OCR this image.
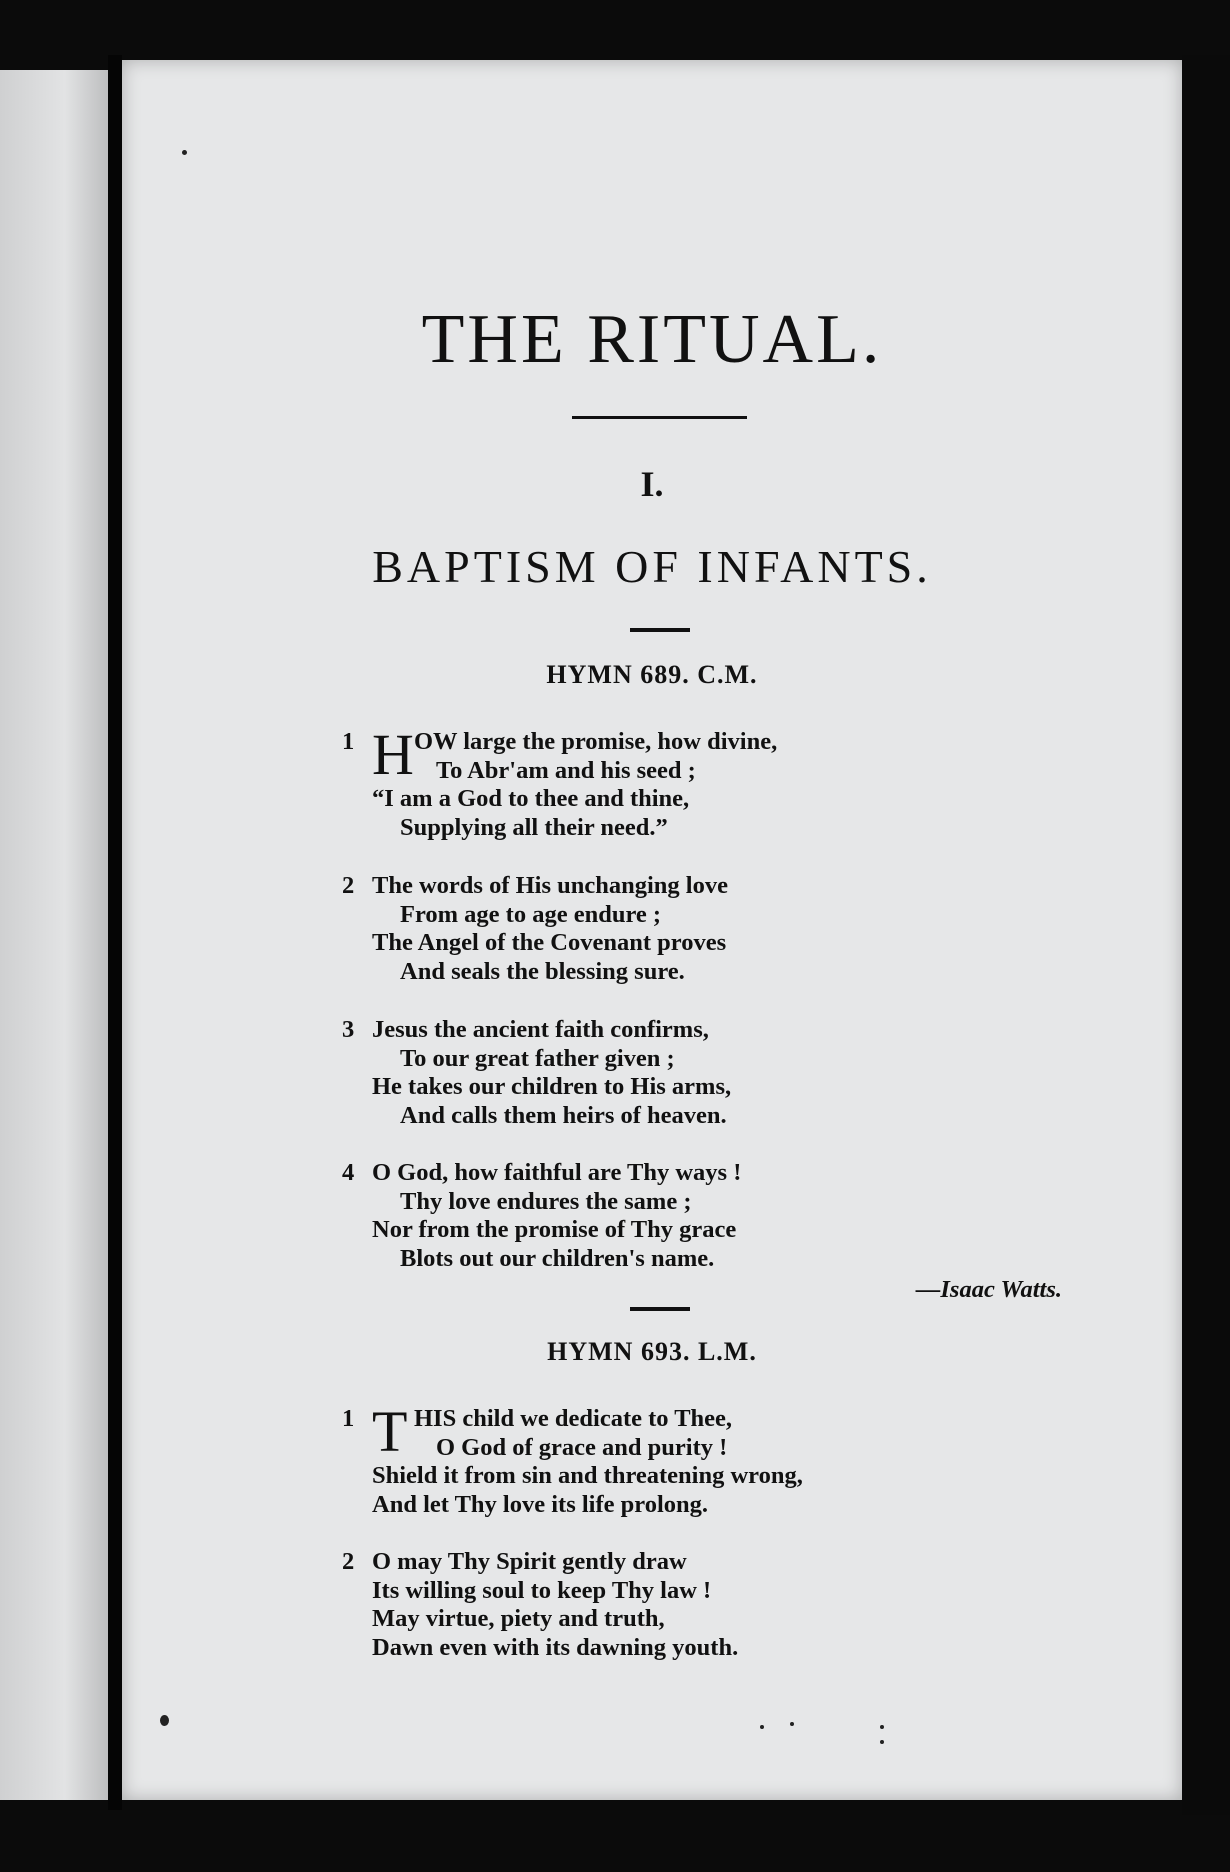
THE RITUAL.
I.
BAPTISM OF INFANTS.
HYMN 689. C.M.
1 H OW large the promise, how divine,
To Abr'am and his seed ;
“I am a God to thee and thine,
Supplying all their need.”
2 The words of His unchanging love
From age to age endure ;
The Angel of the Covenant proves
And seals the blessing sure.
3 Jesus the ancient faith confirms,
To our great father given ;
He takes our children to His arms,
And calls them heirs of heaven.
4 O God, how faithful are Thy ways !
Thy love endures the same ;
Nor from the promise of Thy grace
Blots out our children's name.
—Isaac Watts.
HYMN 693. L.M.
1 T HIS child we dedicate to Thee,
O God of grace and purity !
Shield it from sin and threatening wrong,
And let Thy love its life prolong.
2 O may Thy Spirit gently draw
Its willing soul to keep Thy law !
May virtue, piety and truth,
Dawn even with its dawning youth.
